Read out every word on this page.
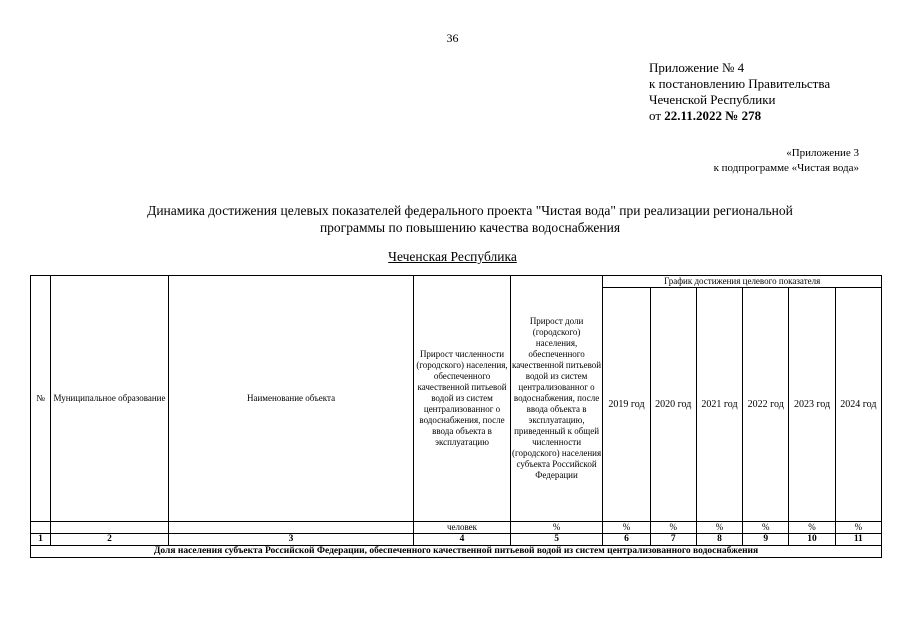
36
Приложение № 4
к постановлению Правительства
Чеченской Республики
от 22.11.2022 № 278
«Приложение 3
к подпрограмме «Чистая вода»
Динамика достижения целевых показателей федерального проекта "Чистая вода" при реализации региональной
программы по повышению качества водоснабжения
Чеченская Республика
№	Муниципальное образование	Наименование объекта	Прирост численности (городского) населения, обеспеченного качественной питьевой водой из систем централизованног о водоснабжения, после ввода объекта в эксплуатацию	Прирост доли (городского) населения, обеспеченного качественной питьевой водой из систем централизованног о водоснабжения, после ввода объекта в эксплуатацию, приведенный к общей численности (городского) населения субъекта Российской Федерации	График достижения целевого показателя					
					2019 год	2020 год	2021 год	2022 год	2023 год	2024 год
			человек	%	%	%	%	%	%	%
1	2	3	4	5	6	7	8	9	10	11
Доля населения субъекта Российской Федерации, обеспеченного качественной питьевой водой из систем централизованного водоснабжения										
